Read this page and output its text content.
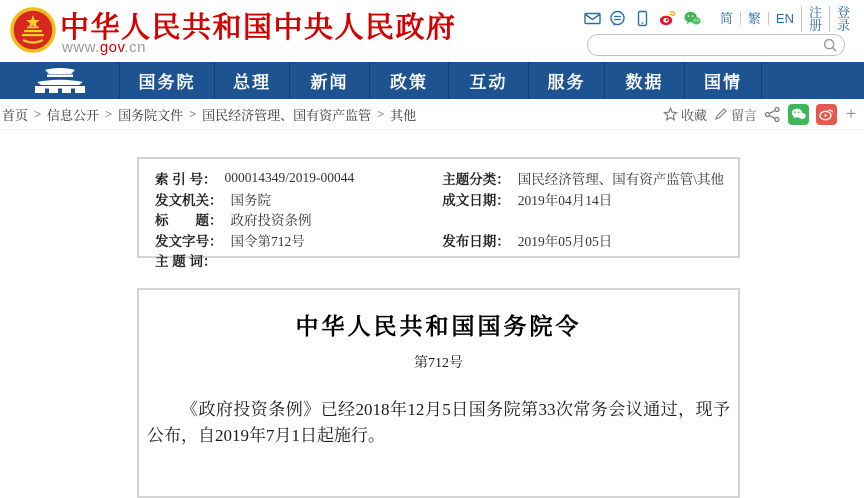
中华人民共和国中央人民政府
www.gov.cn
简	繁	EN	注册
登录
国务院	总理	新闻	政策	互动	服务	数据	国情
首页 > 信息公开 > 国务院文件 > 国民经济管理、国有资产监管 > 其他	收藏 留言	+
索 引 号： 000014349/2019-00044
发文机关： 国务院
标　　题： 政府投资条例
发文字号： 国令第712号
主 题 词：
主题分类： 国民经济管理、国有资产监管\其他
成文日期： 2019年04月14日
发布日期： 2019年05月05日
中华人民共和国国务院令
第712号
《政府投资条例》已经2018年12月5日国务院第33次常务会议通过，现予公布，自2019年7月1日起施行。
